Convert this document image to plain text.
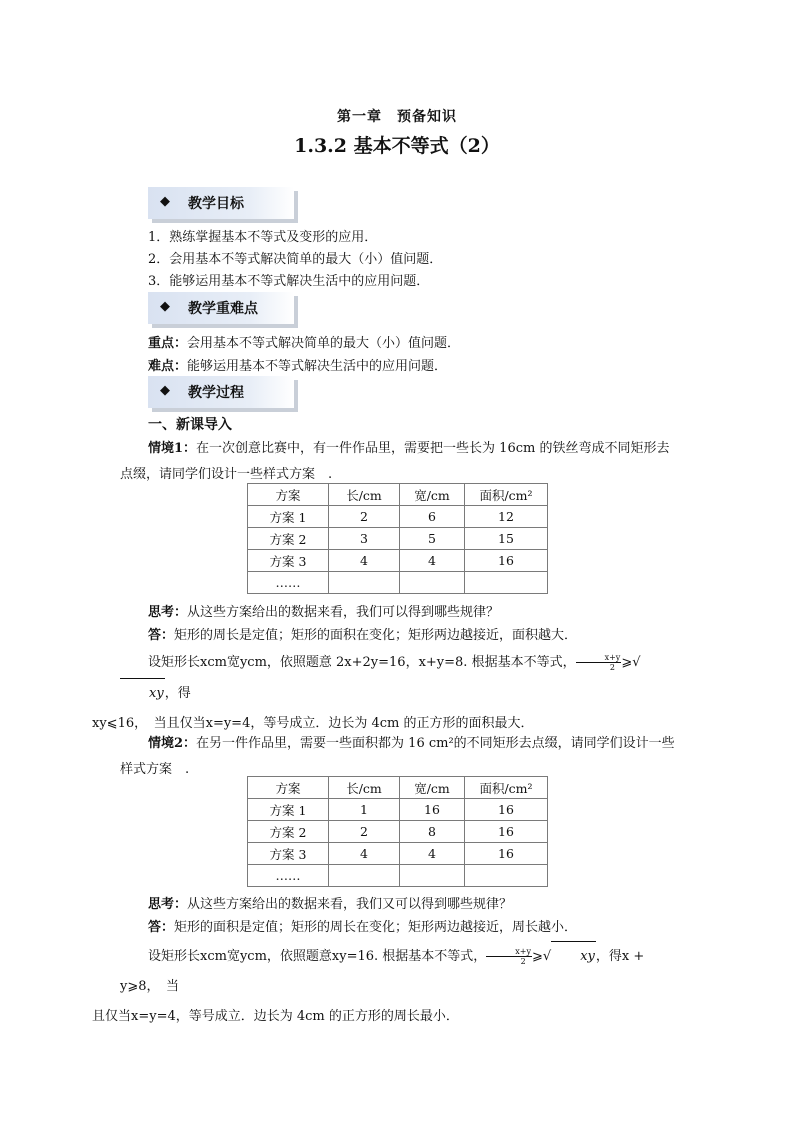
第一章　预备知识
1.3.2 基本不等式（2）
◆ 教学目标
1．熟练掌握基本不等式及变形的应用．
2．会用基本不等式解决简单的最大（小）值问题．
3．能够运用基本不等式解决生活中的应用问题．
◆ 教学重难点
重点：会用基本不等式解决简单的最大（小）值问题．
难点：能够运用基本不等式解决生活中的应用问题．
◆ 教学过程
一、新课导入
情境1：在一次创意比赛中，有一件作品里，需要把一些长为 16cm 的铁丝弯成不同矩形去点缀，请同学们设计一些样式方案　.
方案	长/cm	宽/cm	面积/cm²
方案 1	2	6	12
方案 2	3	5	15
方案 3	4	4	16
……			
思考：从这些方案给出的数据来看，我们可以得到哪些规律？
答：矩形的周长是定值；矩形的面积在变化；矩形两边越接近，面积越大．
设矩形长xcm宽ycm，依照题意 2x+2y=16，x+y=8. 根据基本不等式， $\frac{x+y}{2}$ ⩾√xy，得
xy⩽16，　当且仅当x=y=4，等号成立．边长为 4cm 的正方形的面积最大．
情境2：在另一件作品里，需要一些面积都为 16 cm²的不同矩形去点缀，请同学们设计一些样式方案　.
方案	长/cm	宽/cm	面积/cm²
方案 1	1	16	16
方案 2	2	8	16
方案 3	4	4	16
……			
思考：从这些方案给出的数据来看，我们又可以得到哪些规律？
答：矩形的面积是定值；矩形的周长在变化；矩形两边越接近，周长越小．
设矩形长xcm宽ycm，依照题意xy=16. 根据基本不等式， $\frac{x+y}{2}$ ⩾√ xy，得x + y⩾8，　当
且仅当x=y=4，等号成立．边长为 4cm 的正方形的周长最小．
